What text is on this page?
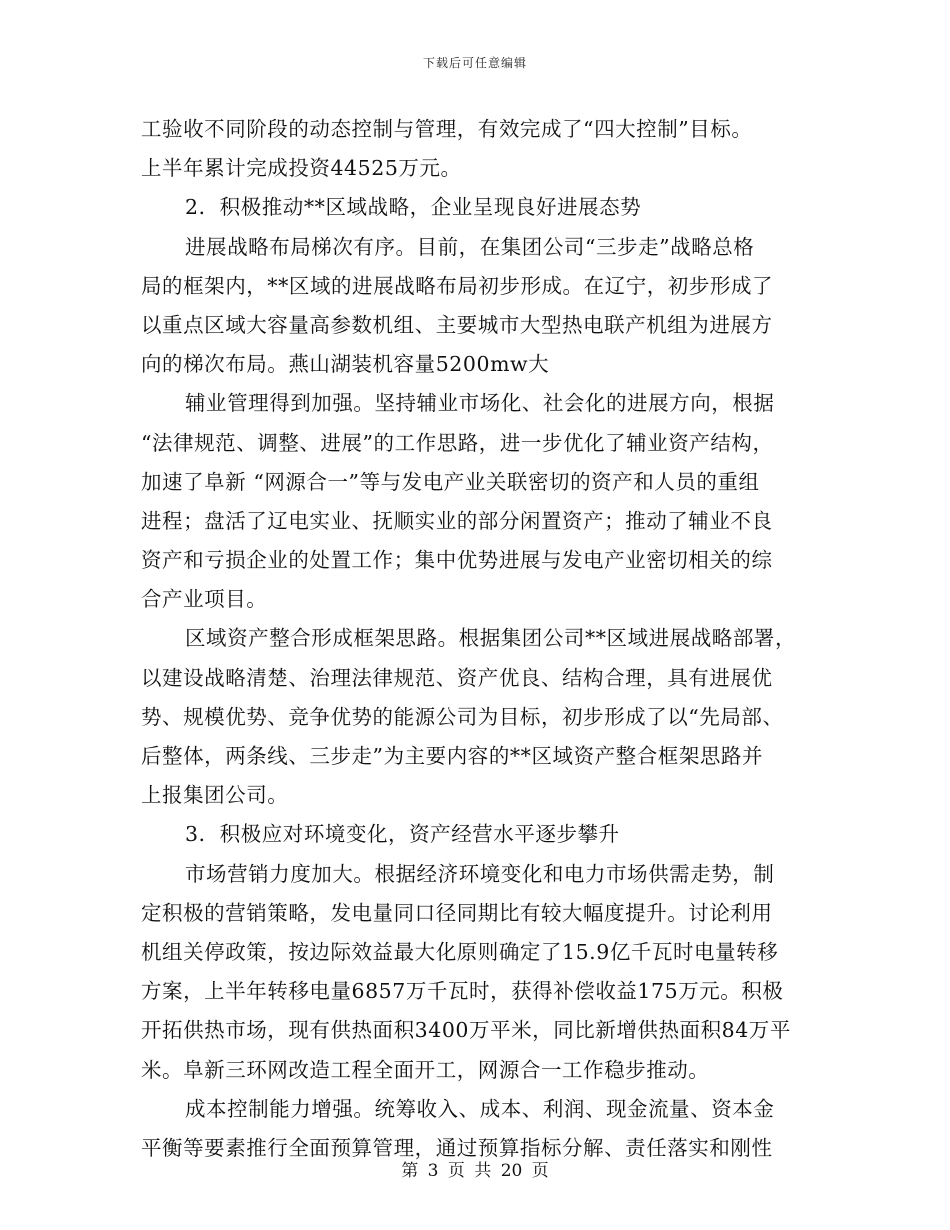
下载后可任意编辑
工验收不同阶段的动态控制与管理，有效完成了“四大控制”目标。
上半年累计完成投资44525万元。
2．积极推动**区域战略，企业呈现良好进展态势
进展战略布局梯次有序。目前，在集团公司“三步走”战略总格
局的框架内，**区域的进展战略布局初步形成。在辽宁，初步形成了
以重点区域大容量高参数机组、主要城市大型热电联产机组为进展方
向的梯次布局。燕山湖装机容量5200mw大
辅业管理得到加强。坚持辅业市场化、社会化的进展方向，根据
“法律规范、调整、进展”的工作思路，进一步优化了辅业资产结构，
加速了阜新 “网源合一”等与发电产业关联密切的资产和人员的重组
进程；盘活了辽电实业、抚顺实业的部分闲置资产；推动了辅业不良
资产和亏损企业的处置工作；集中优势进展与发电产业密切相关的综
合产业项目。
区域资产整合形成框架思路。根据集团公司**区域进展战略部署，
以建设战略清楚、治理法律规范、资产优良、结构合理，具有进展优
势、规模优势、竞争优势的能源公司为目标，初步形成了以“先局部、
后整体，两条线、三步走”为主要内容的**区域资产整合框架思路并
上报集团公司。
3．积极应对环境变化，资产经营水平逐步攀升
市场营销力度加大。根据经济环境变化和电力市场供需走势，制
定积极的营销策略，发电量同口径同期比有较大幅度提升。讨论利用
机组关停政策，按边际效益最大化原则确定了15.9亿千瓦时电量转移
方案，上半年转移电量6857万千瓦时，获得补偿收益175万元。积极
开拓供热市场，现有供热面积3400万平米，同比新增供热面积84万平
米。阜新三环网改造工程全面开工，网源合一工作稳步推动。
成本控制能力增强。统筹收入、成本、利润、现金流量、资本金
平衡等要素推行全面预算管理，通过预算指标分解、责任落实和刚性
第 3 页 共 20 页
